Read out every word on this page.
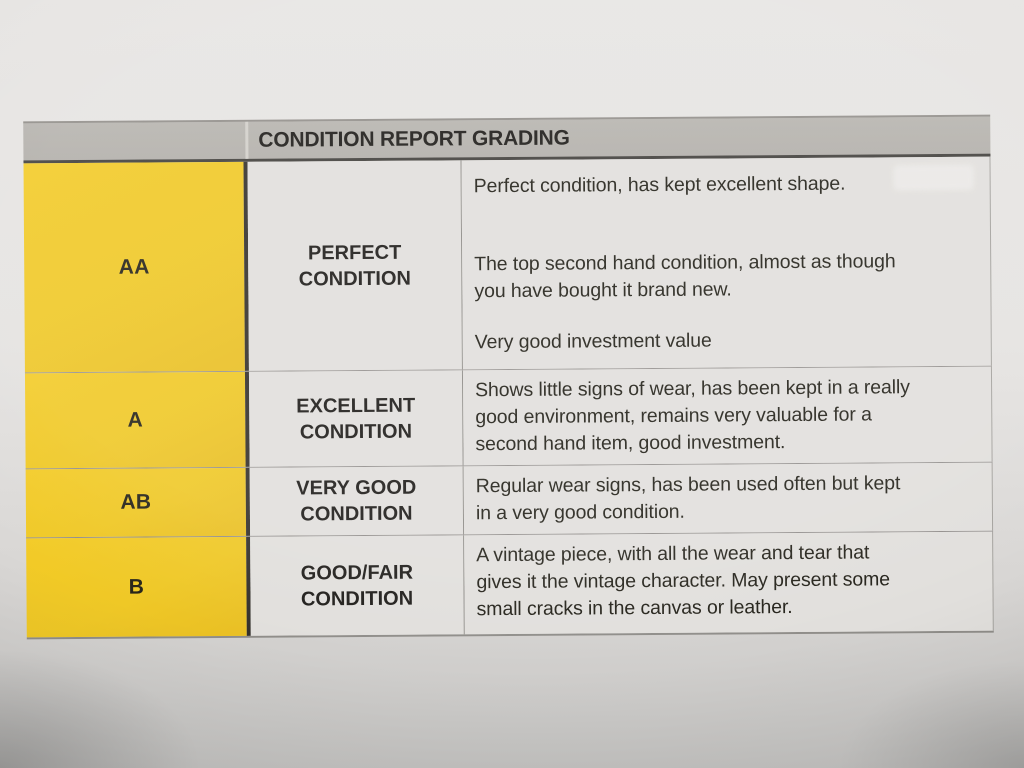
CONDITION REPORT GRADING
AA
PERFECT
CONDITION

Perfect condition, has kept excellent shape.

The top second hand condition, almost as though
you have bought it brand new.

Very good investment value

A
EXCELLENT
CONDITION

Shows little signs of wear, has been kept in a really
good environment, remains very valuable for a
second hand item, good investment.

AB
VERY GOOD
CONDITION

Regular wear signs, has been used often but kept
in a very good condition.

B
GOOD/FAIR
CONDITION

A vintage piece, with all the wear and tear that
gives it the vintage character. May present some
small cracks in the canvas or leather.
